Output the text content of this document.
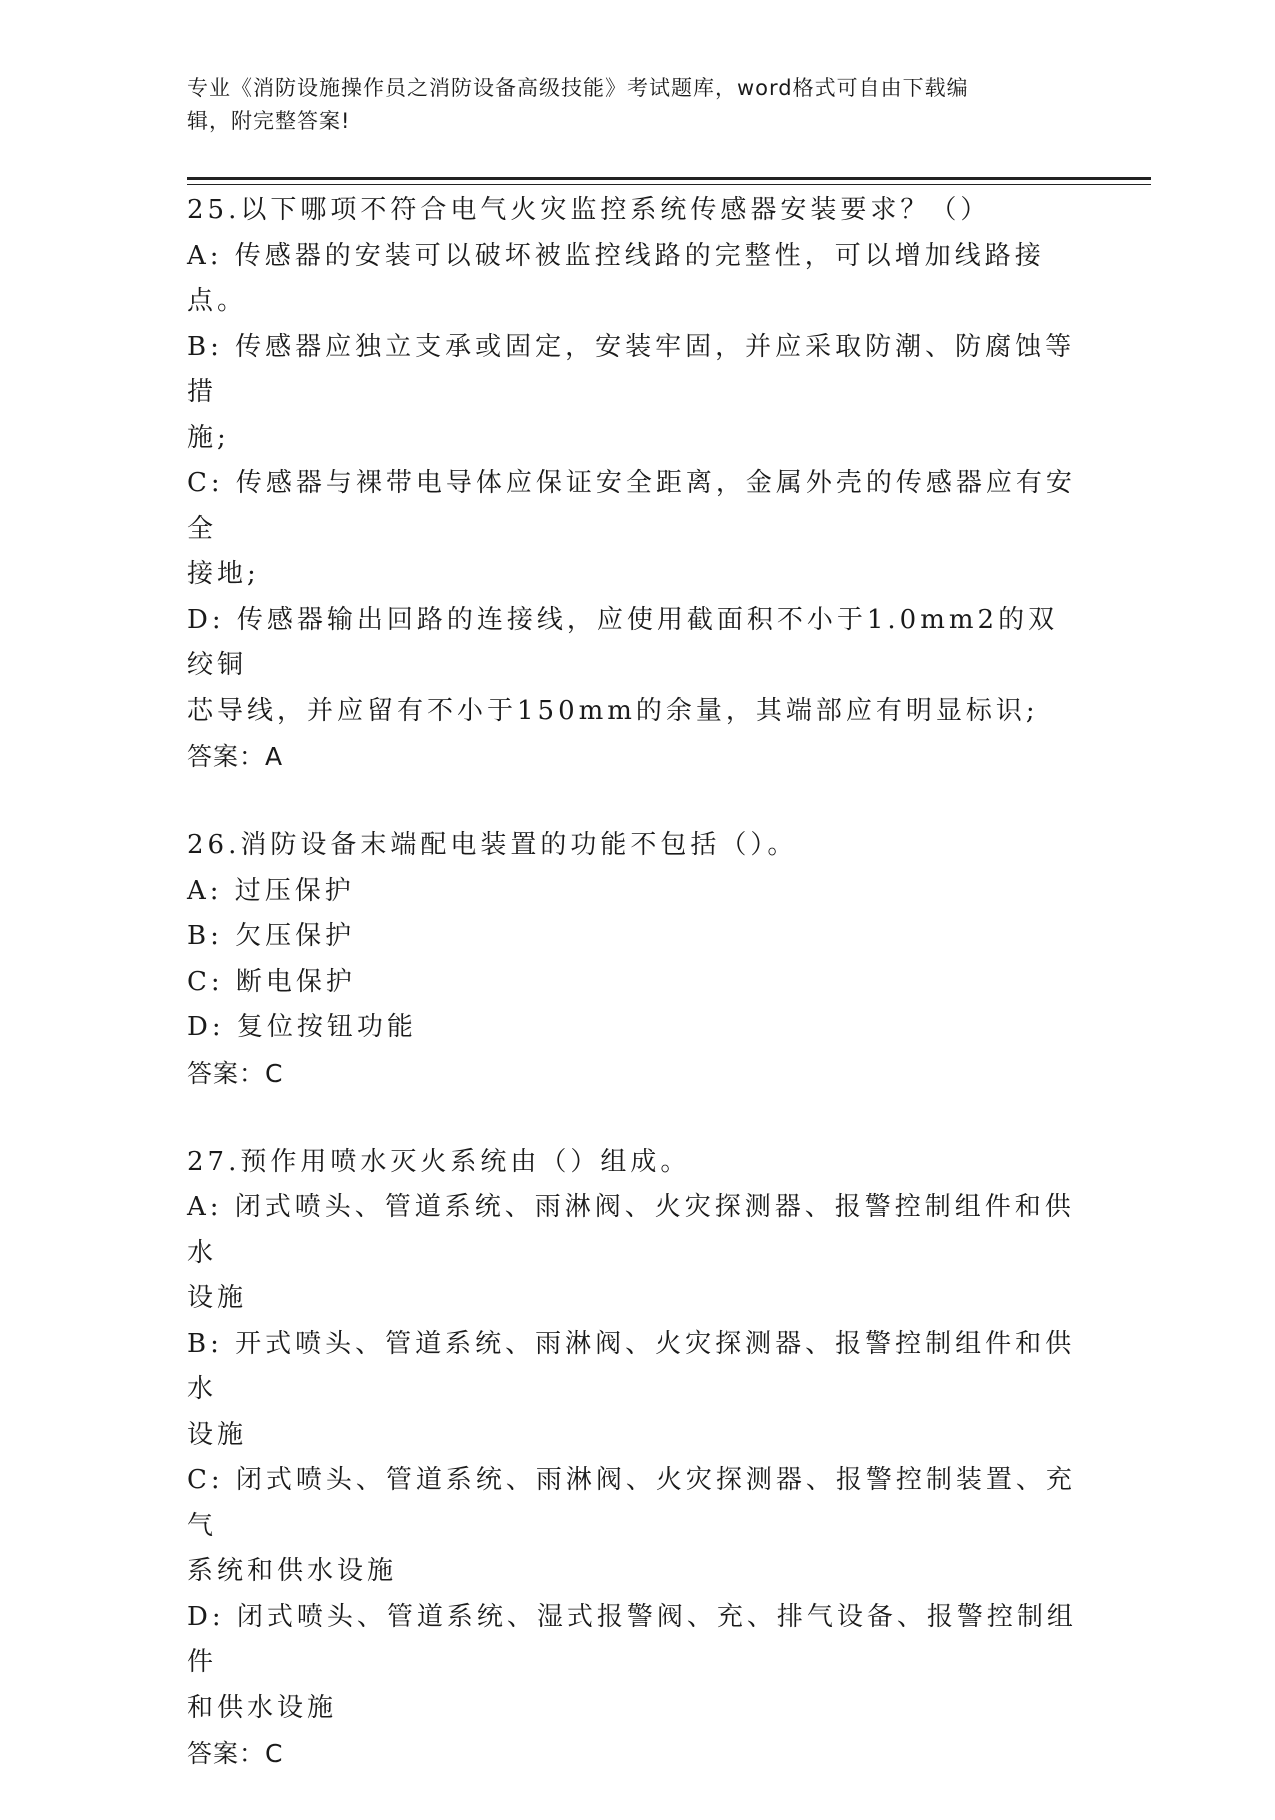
专业《消防设施操作员之消防设备高级技能》考试题库，word格式可自由下载编
辑，附完整答案!
25.以下哪项不符合电气火灾监控系统传感器安装要求？（）
A: 传感器的安装可以破坏被监控线路的完整性，可以增加线路接点。
B: 传感器应独立支承或固定，安装牢固，并应采取防潮、防腐蚀等措
施;
C: 传感器与裸带电导体应保证安全距离，金属外壳的传感器应有安全
接地;
D: 传感器输出回路的连接线，应使用截面积不小于1.0mm2的双绞铜
芯导线，并应留有不小于150mm的余量，其端部应有明显标识;
答案：A
26.消防设备末端配电装置的功能不包括（）。
A: 过压保护
B: 欠压保护
C: 断电保护
D: 复位按钮功能
答案：C
27.预作用喷水灭火系统由（）组成。
A: 闭式喷头、管道系统、雨淋阀、火灾探测器、报警控制组件和供水
设施
B: 开式喷头、管道系统、雨淋阀、火灾探测器、报警控制组件和供水
设施
C: 闭式喷头、管道系统、雨淋阀、火灾探测器、报警控制装置、充气
系统和供水设施
D: 闭式喷头、管道系统、湿式报警阀、充、排气设备、报警控制组件
和供水设施
答案：C
